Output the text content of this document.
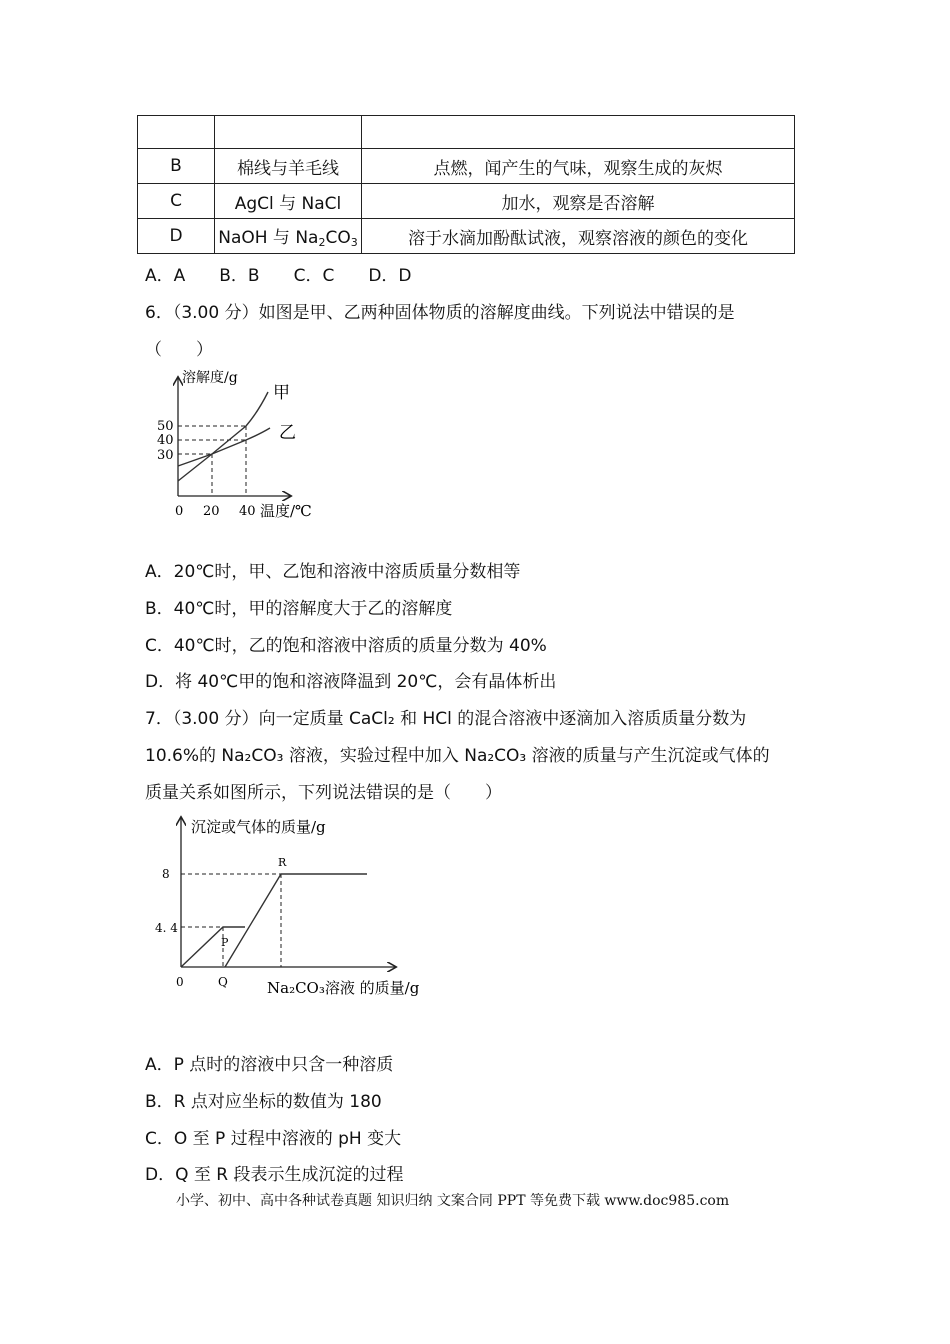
B	棉线与羊毛线	点燃，闻产生的气味，观察生成的灰烬
C	AgCl 与 NaCl	加水，观察是否溶解
D	NaOH 与 $Na_2CO_3$	溶于水滴加酚酞试液，观察溶液的颜色的变化
A．A　　B．B　　C．C　　D．D
6．（3.00 分）如图是甲、乙两种固体物质的溶解度曲线。下列说法中错误的是
（　　）
溶解度/g
温度/℃
50
40
30
0 20 40
甲
乙
A．20℃时，甲、乙饱和溶液中溶质质量分数相等
B．40℃时，甲的溶解度大于乙的溶解度
C．40℃时，乙的饱和溶液中溶质的质量分数为 40%
D．将 40℃甲的饱和溶液降温到 20℃，会有晶体析出
7．（3.00 分）向一定质量 CaCl₂ 和 HCl 的混合溶液中逐滴加入溶质质量分数为
10.6%的 Na₂CO₃ 溶液，实验过程中加入 Na₂CO₃ 溶液的质量与产生沉淀或气体的
质量关系如图所示，下列说法错误的是（　　）
沉淀或气体的质量/g
Na₂CO₃溶液 的质量/g
8
4. 4
0
P
Q
R
A．P 点时的溶液中只含一种溶质
B．R 点对应坐标的数值为 180
C．O 至 P 过程中溶液的 pH 变大
D．Q 至 R 段表示生成沉淀的过程
小学、初中、高中各种试卷真题 知识归纳 文案合同 PPT 等免费下载 www.doc985.com
